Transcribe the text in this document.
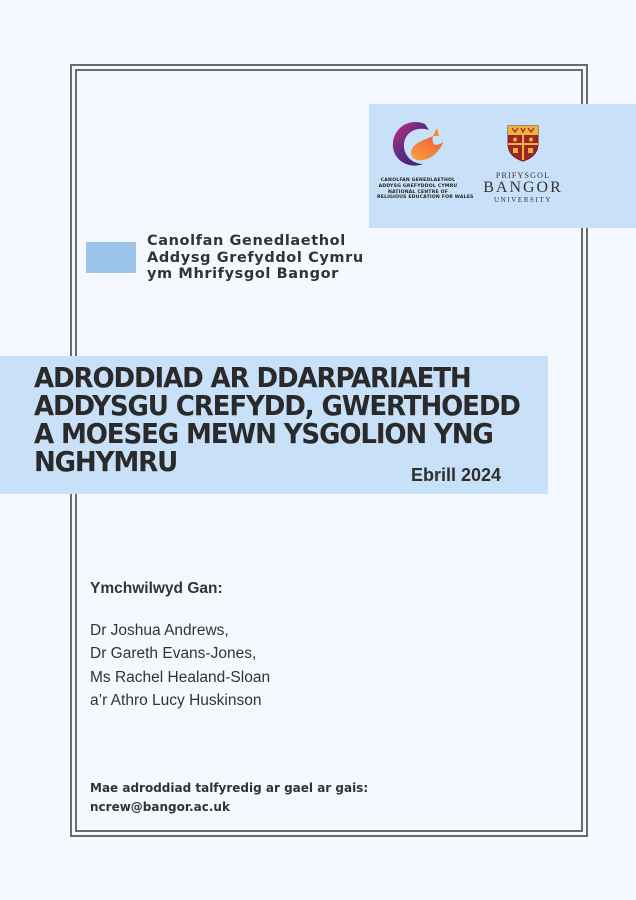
CANOLFAN GENEDLAETHOL
ADDYSG GREFYDDOL CYMRU
NATIONAL CENTRE OF
RELIGIOUS EDUCATION FOR WALES
PRIFYSGOL
BANGOR
UNIVERSITY
Canolfan Genedlaethol
Addysg Grefyddol Cymru
ym Mhrifysgol Bangor
ADRODDIAD AR DDARPARIAETH
ADDYSGU CREFYDD, GWERTHOEDD
A MOESEG MEWN YSGOLION YNG
NGHYMRU	Ebrill 2024
Ymchwilwyd Gan:
Dr Joshua Andrews,
Dr Gareth Evans-Jones,
Ms Rachel Healand-Sloan
a’r Athro Lucy Huskinson
Mae adroddiad talfyredig ar gael ar gais:
ncrew@bangor.ac.uk
